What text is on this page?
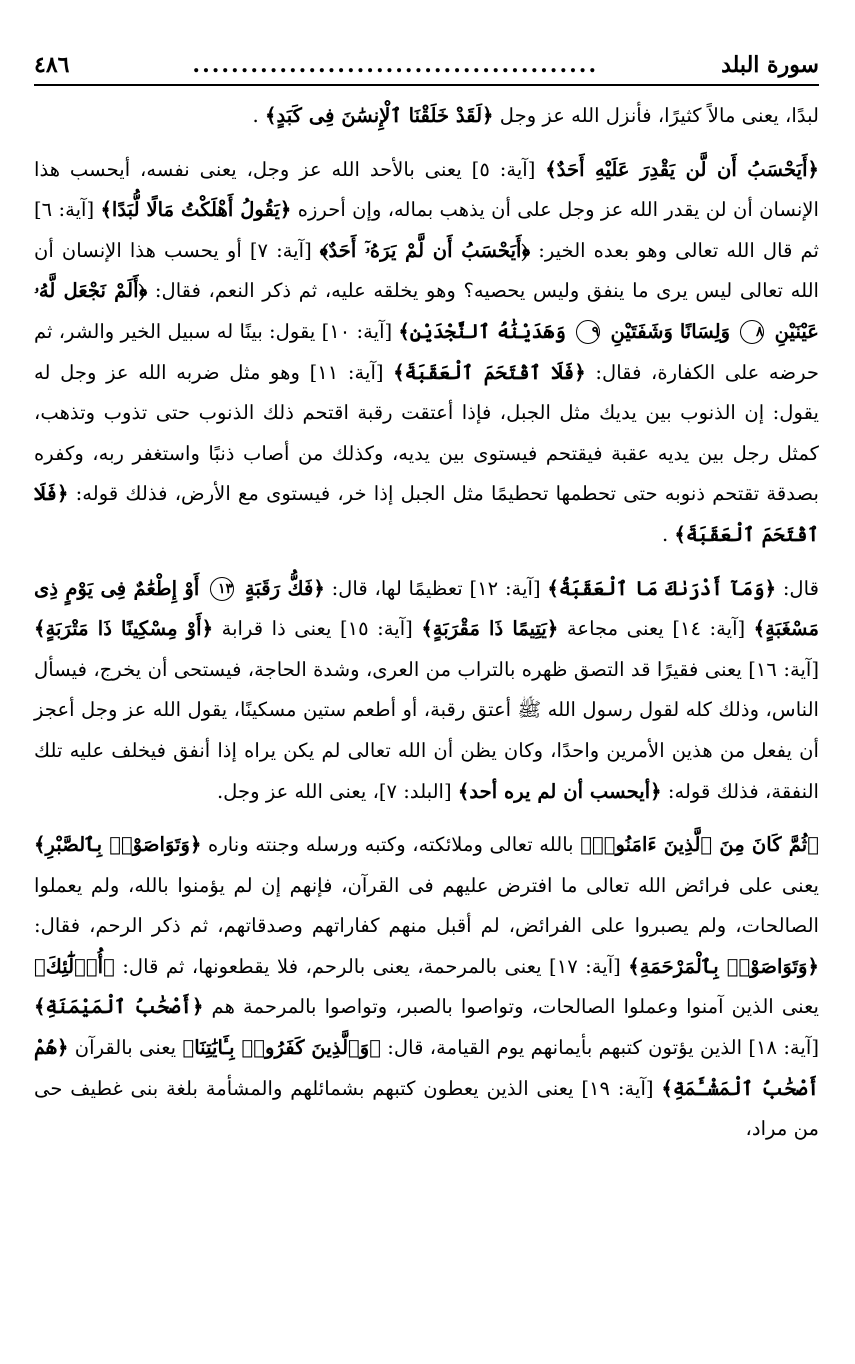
سورة البلد
..........................................
٤٨٦

لبدًا، يعنى مالاً كثيرًا، فأنزل الله عز وجل ﴿لَقَدْ خَلَقْنَا ٱلْإِنسَٰنَ فِى كَبَدٍ﴾ .

﴿أَيَحْسَبُ أَن لَّن يَقْدِرَ عَلَيْهِ أَحَدٌ﴾ [آية: ٥] يعنى بالأحد الله عز وجل، يعنى نفسه، أيحسب هذا الإنسان أن لن يقدر الله عز وجل على أن يذهب بماله، وإن أحرزه ﴿يَقُولُ أَهْلَكْتُ مَالًا لُّبَدًا﴾ [آية: ٦] ثم قال الله تعالى وهو بعده الخير: ﴿أَيَحْسَبُ أَن لَّمْ يَرَهُۥٓ أَحَدٌ﴾ [آية: ٧] أو يحسب هذا الإنسان أن الله تعالى ليس يرى ما ينفق وليس يحصيه؟ وهو يخلقه عليه، ثم ذكر النعم، فقال: ﴿أَلَمْ نَجْعَل لَّهُۥ عَيْنَيْنِ ٨ وَلِسَانًا وَشَفَتَيْنِ ٩ وَهَدَيْنَٰهُ ٱلنَّجْدَيْنِ﴾ [آية: ١٠] يقول: بينًا له سبيل الخير والشر، ثم حرضه على الكفارة، فقال: ﴿فَلَا ٱقْتَحَمَ ٱلْعَقَبَةَ﴾ [آية: ١١] وهو مثل ضربه الله عز وجل له يقول: إن الذنوب بين يديك مثل الجبل، فإذا أعتقت رقبة اقتحم ذلك الذنوب حتى تذوب وتذهب، كمثل رجل بين يديه عقبة فيقتحم فيستوى بين يديه، وكذلك من أصاب ذنبًا واستغفر ربه، وكفره بصدقة تقتحم ذنوبه حتى تحطمها تحطيمًا مثل الجبل إذا خر، فيستوى مع الأرض، فذلك قوله: ﴿فَلَا ٱقْتَحَمَ ٱلْعَقَبَةَ﴾ .

قال: ﴿وَمَآ أَدْرَىٰكَ مَا ٱلْعَقَبَةُ﴾ [آية: ١٢] تعظيمًا لها، قال: ﴿فَكُّ رَقَبَةٍ ١٣ أَوْ إِطْعَٰمٌ فِى يَوْمٍ ذِى مَسْغَبَةٍ﴾ [آية: ١٤] يعنى مجاعة ﴿يَتِيمًا ذَا مَقْرَبَةٍ﴾ [آية: ١٥] يعنى ذا قرابة ﴿أَوْ مِسْكِينًا ذَا مَتْرَبَةٍ﴾ [آية: ١٦] يعنى فقيرًا قد التصق ظهره بالتراب من العرى، وشدة الحاجة، فيستحى أن يخرج، فيسأل الناس، وذلك كله لقول رسول الله ﷺ أعتق رقبة، أو أطعم ستين مسكينًا، يقول الله عز وجل أعجز أن يفعل من هذين الأمرين واحدًا، وكان يظن أن الله تعالى لم يكن يراه إذا أنفق فيخلف عليه تلك النفقة، فذلك قوله: ﴿أيحسب أن لم يره أحد﴾ [البلد: ٧]، يعنى الله عز وجل.

﴿ثُمَّ كَانَ مِنَ ٱلَّذِينَ ءَامَنُوا۟﴾ بالله تعالى وملائكته، وكتبه ورسله وجنته وناره ﴿وَتَوَاصَوْا۟ بِٱلصَّبْرِ﴾ يعنى على فرائض الله تعالى ما افترض عليهم فى القرآن، فإنهم إن لم يؤمنوا بالله، ولم يعملوا الصالحات، ولم يصبروا على الفرائض، لم أقبل منهم كفاراتهم وصدقاتهم، ثم ذكر الرحم، فقال: ﴿وَتَوَاصَوْا۟ بِٱلْمَرْحَمَةِ﴾ [آية: ١٧] يعنى بالمرحمة، يعنى بالرحم، فلا يقطعونها، ثم قال: ﴿أُو۟لَٰٓئِكَ﴾ يعنى الذين آمنوا وعملوا الصالحات، وتواصوا بالصبر، وتواصوا بالمرحمة هم ﴿أَصْحَٰبُ ٱلْمَيْمَنَةِ﴾ [آية: ١٨] الذين يؤتون كتبهم بأيمانهم يوم القيامة، قال: ﴿وَٱلَّذِينَ كَفَرُوا۟ بِـَٔايَٰتِنَا﴾ يعنى بالقرآن ﴿هُمْ أَصْحَٰبُ ٱلْمَشْـَٔمَةِ﴾ [آية: ١٩] يعنى الذين يعطون كتبهم بشمائلهم والمشأمة بلغة بنى غطيف حى من مراد،
